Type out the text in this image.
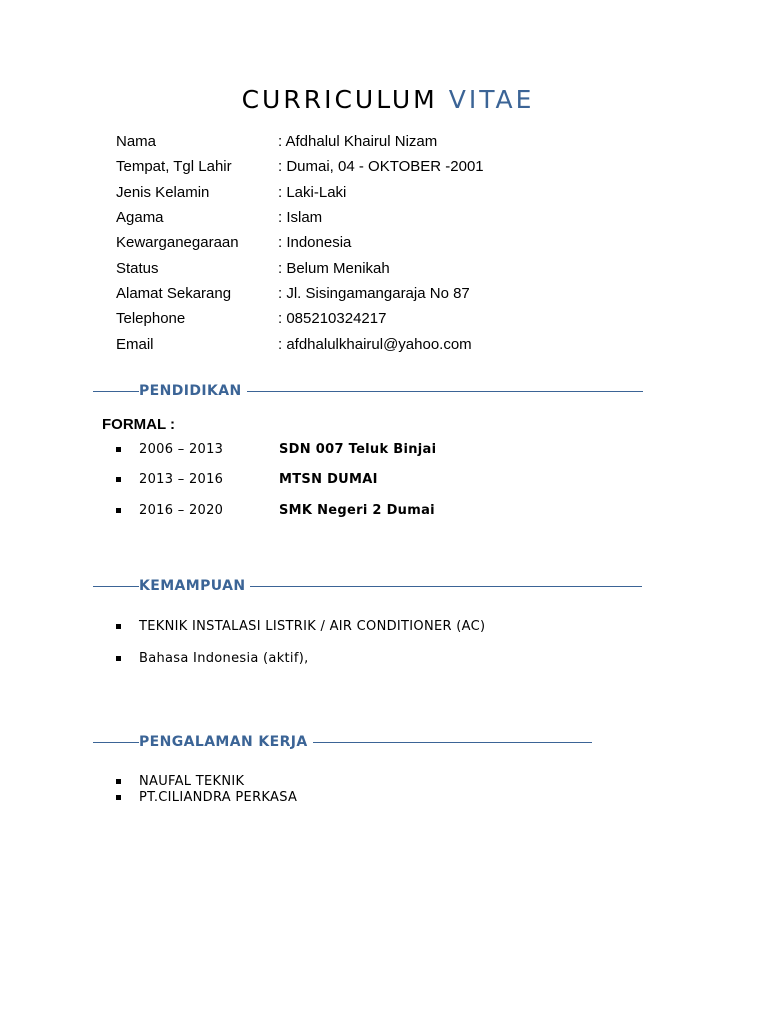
CURRICULUM VITAE
Nama	: Afdhalul Khairul Nizam
Tempat, Tgl Lahir	: Dumai, 04 - OKTOBER -2001
Jenis Kelamin	: Laki-Laki
Agama	: Islam
Kewarganegaraan	: Indonesia
Status	: Belum Menikah
Alamat Sekarang	: Jl. Sisingamangaraja No 87
Telephone	: 085210324217
Email	: afdhalulkhairul@yahoo.com
PENDIDIKAN
FORMAL :
2006 – 2013	SDN 007 Teluk Binjai
2013 – 2016	MTSN DUMAI
2016 – 2020	SMK Negeri 2 Dumai
KEMAMPUAN
TEKNIK INSTALASI LISTRIK / AIR CONDITIONER (AC)
Bahasa Indonesia (aktif),
PENGALAMAN KERJA
NAUFAL TEKNIK
PT.CILIANDRA PERKASA
